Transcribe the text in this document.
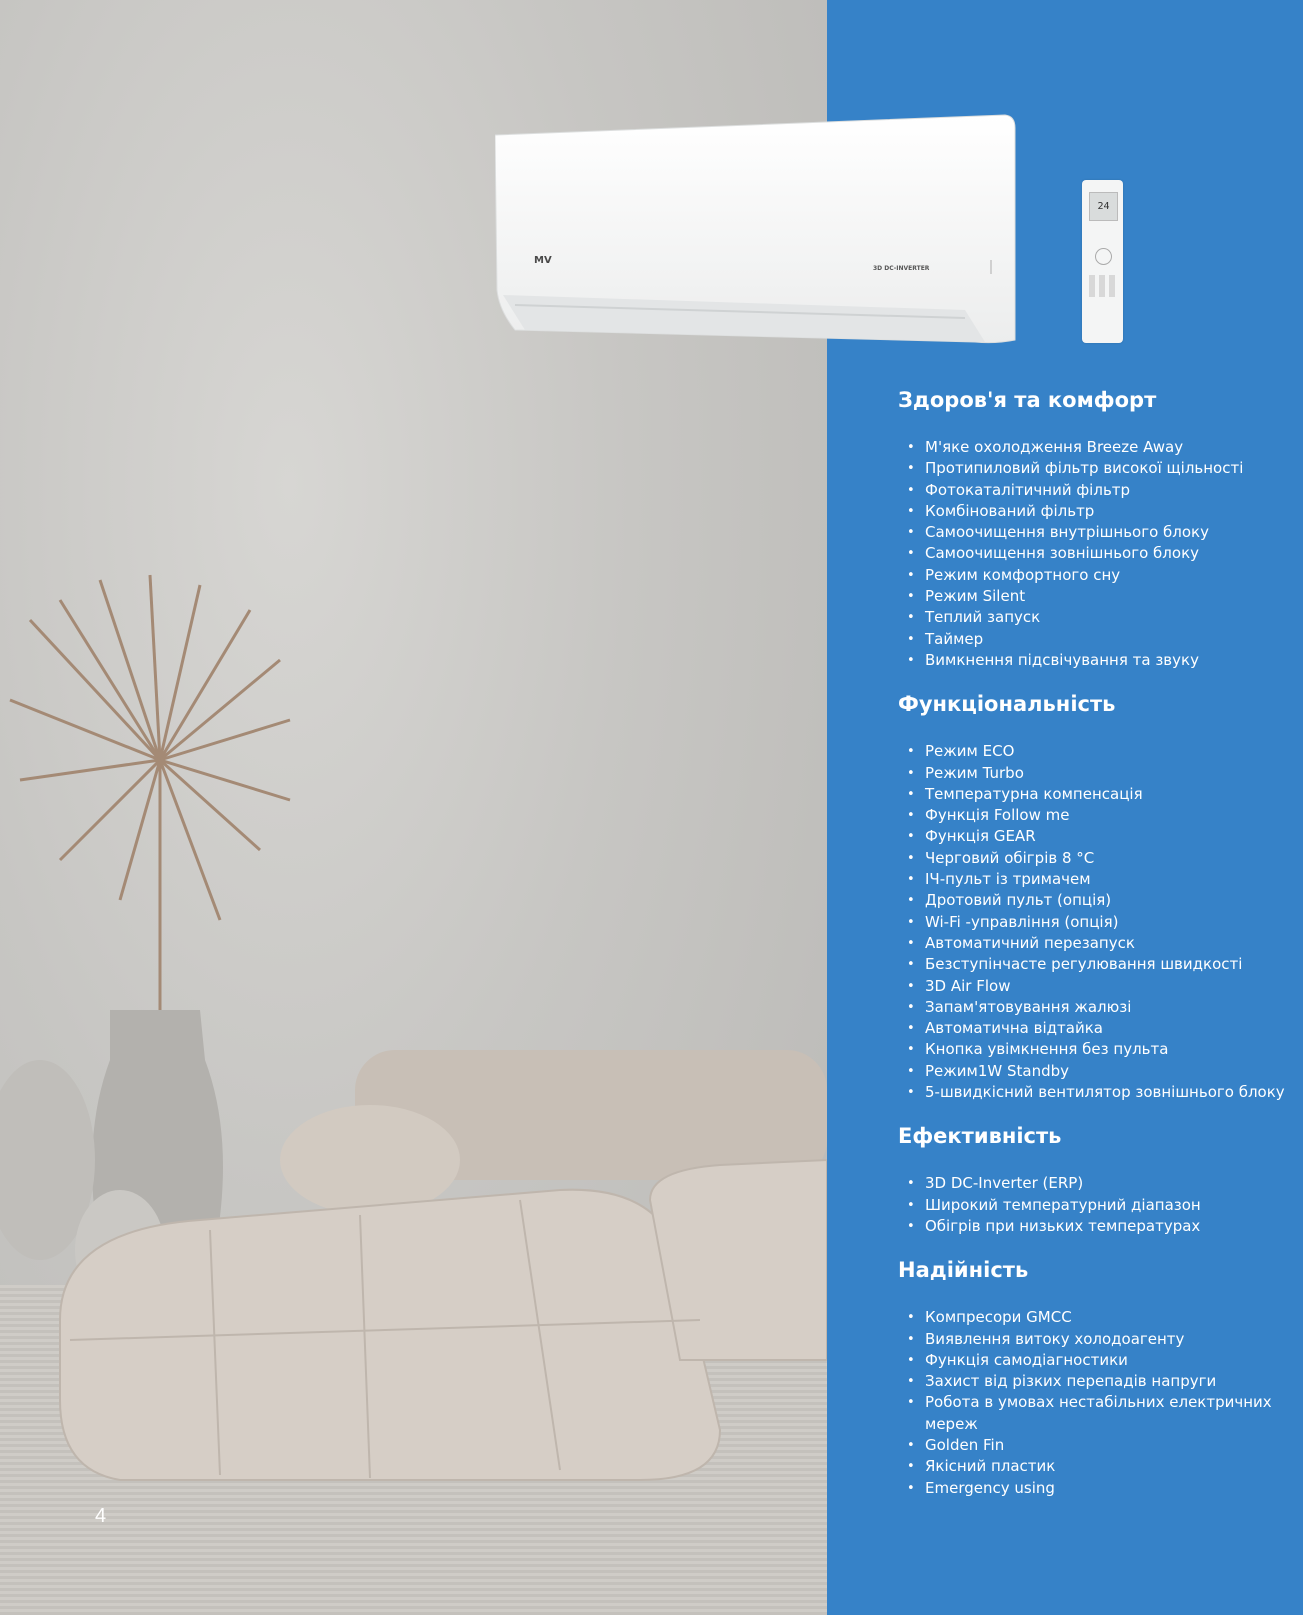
MV
3D DC-INVERTER
24
Здоров'я та комфорт
• М'яке охолодження Breeze Away
• Протипиловий фільтр високої щільності
• Фотокаталітичний фільтр
• Комбінований фільтр
• Самоочищення внутрішнього блоку
• Самоочищення зовнішнього блоку
• Режим комфортного сну
• Режим Silent
• Теплий запуск
• Таймер
• Вимкнення підсвічування та звуку
Функціональність
• Режим ECO
• Режим Turbo
• Температурна компенсація
• Функція Follow me
• Функція GEAR
• Черговий обігрів 8 °C
• ІЧ-пульт із тримачем
• Дротовий пульт (опція)
• Wi-Fi -управління (опція)
• Автоматичний перезапуск
• Безступінчасте регулювання швидкості
• 3D Air Flow
• Запам'ятовування жалюзі
• Автоматична відтайка
• Кнопка увімкнення без пульта
• Режим1W Standby
• 5-швидкісний вентилятор зовнішнього блоку
Ефективність
• 3D DC-Inverter (ERP)
• Широкий температурний діапазон
• Обігрів при низьких температурах
Надійність
• Компресори GMCC
• Виявлення витоку холодоагенту
• Функція самодіагностики
• Захист від різких перепадів напруги
• Робота в умовах нестабільних електричних мереж
• Golden Fin
• Якісний пластик
• Emergency using
4
